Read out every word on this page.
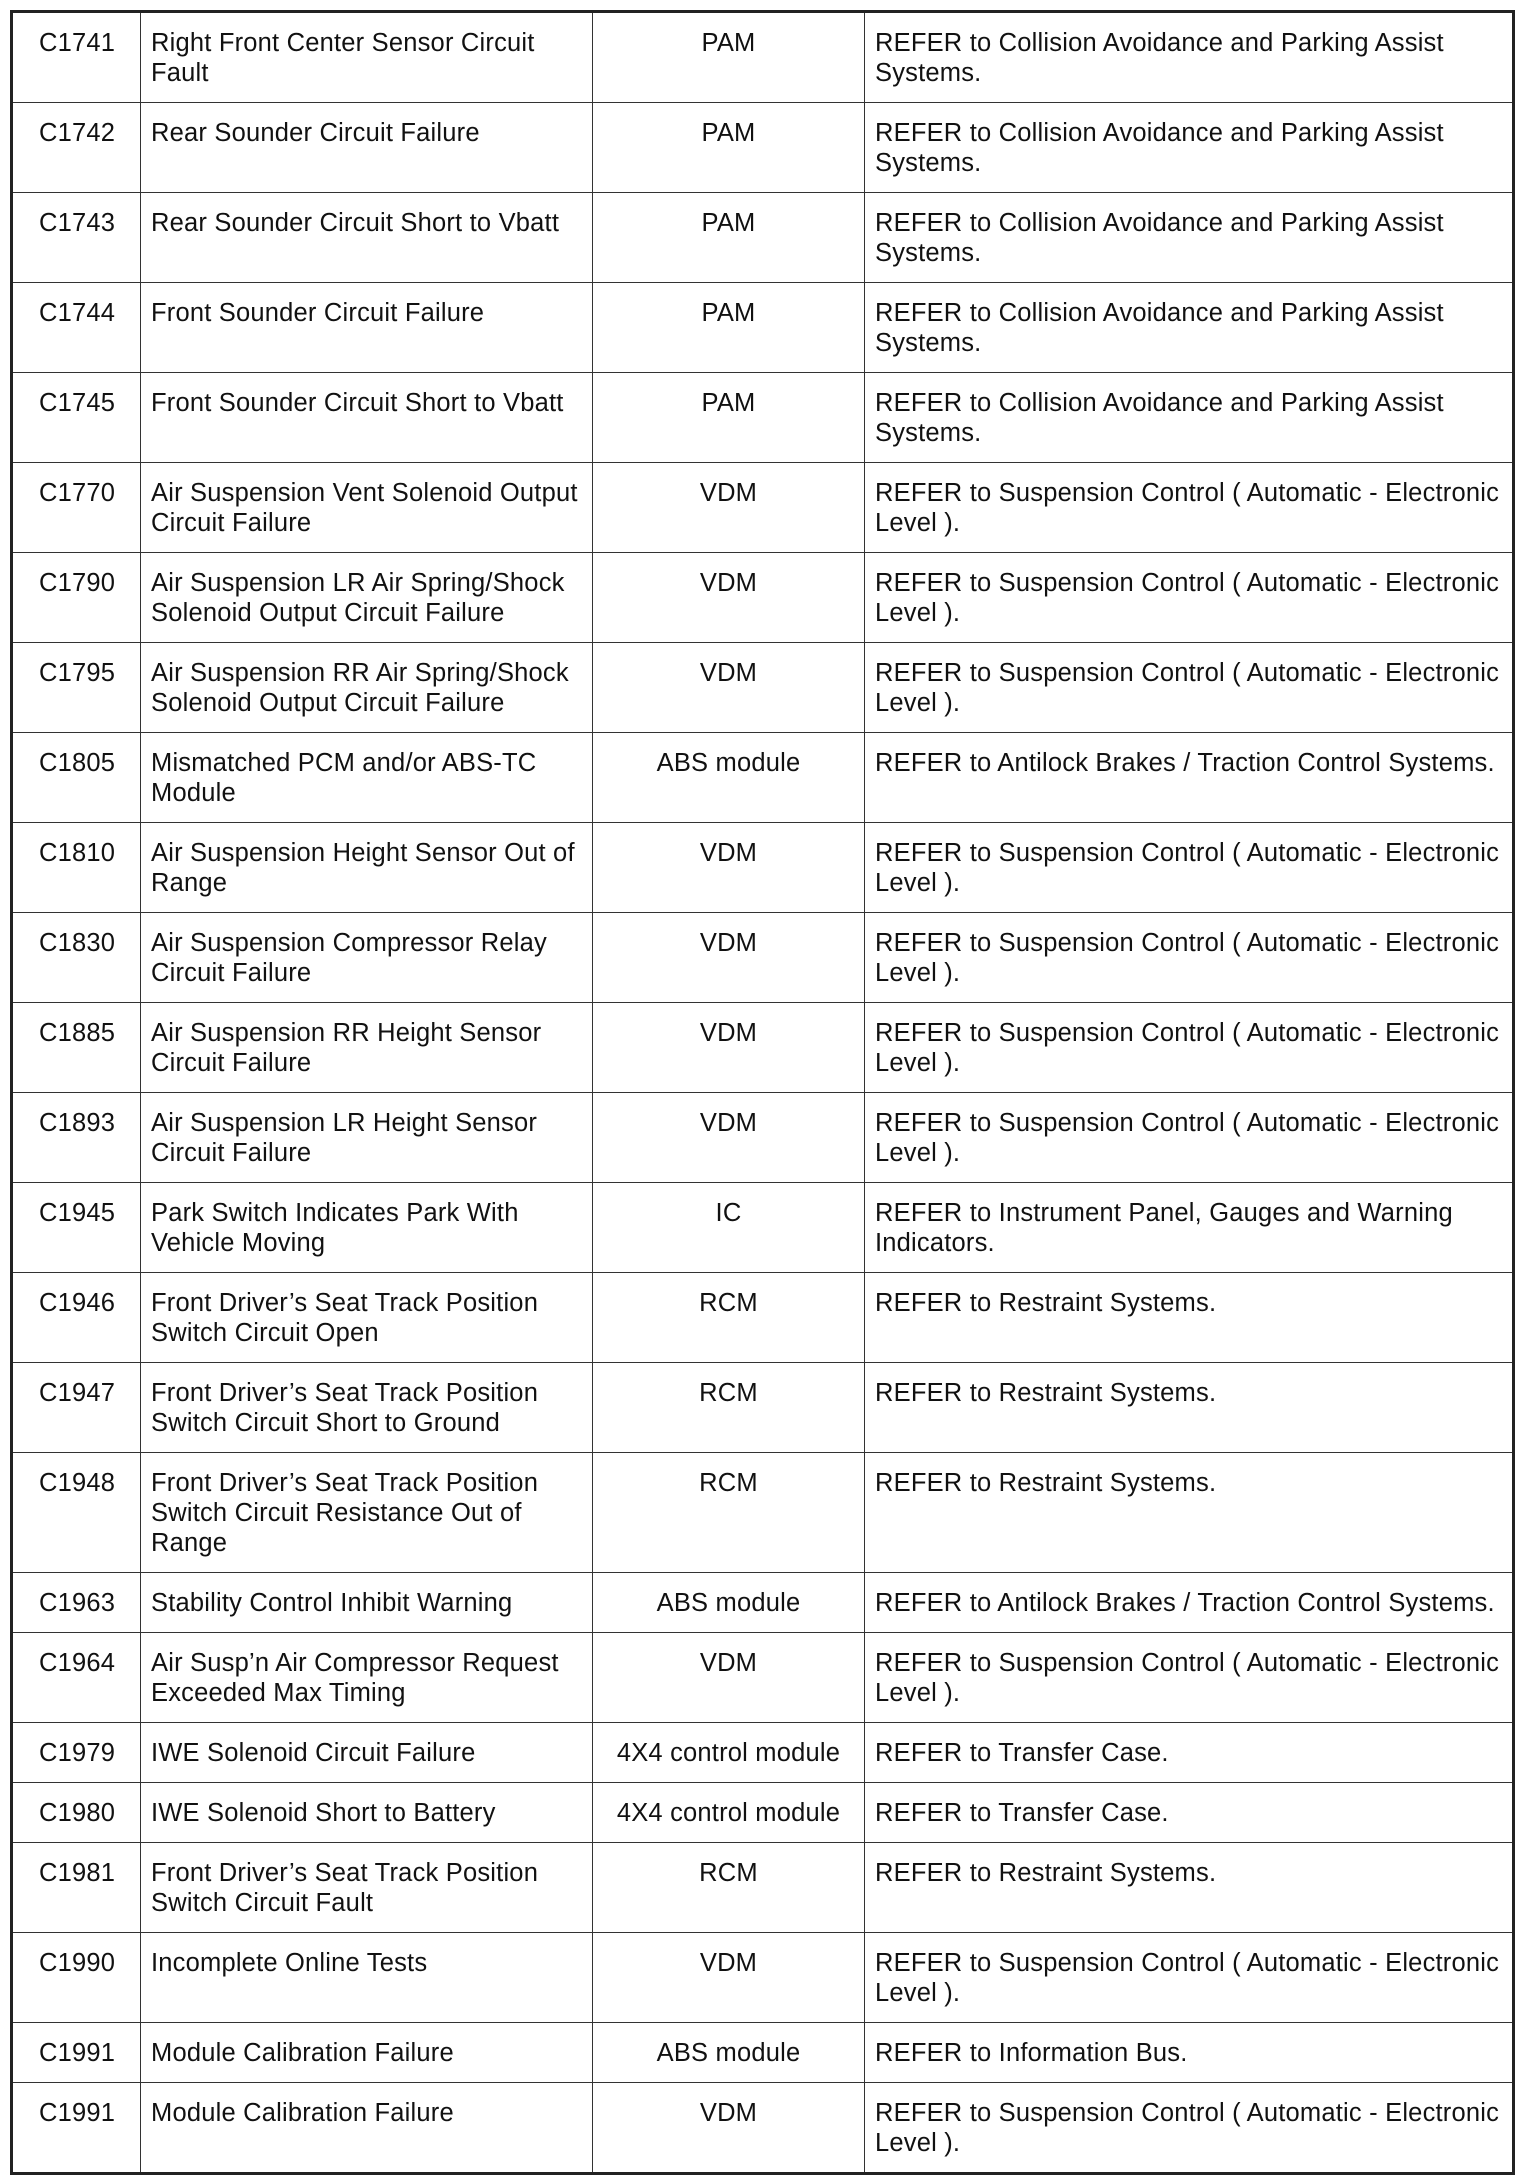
C1741	Right Front Center Sensor Circuit Fault	PAM	REFER to Collision Avoidance and Parking Assist Systems.
C1742	Rear Sounder Circuit Failure	PAM	REFER to Collision Avoidance and Parking Assist Systems.
C1743	Rear Sounder Circuit Short to Vbatt	PAM	REFER to Collision Avoidance and Parking Assist Systems.
C1744	Front Sounder Circuit Failure	PAM	REFER to Collision Avoidance and Parking Assist Systems.
C1745	Front Sounder Circuit Short to Vbatt	PAM	REFER to Collision Avoidance and Parking Assist Systems.
C1770	Air Suspension Vent Solenoid Output Circuit Failure	VDM	REFER to Suspension Control ( Automatic - Electronic Level ).
C1790	Air Suspension LR Air Spring/Shock Solenoid Output Circuit Failure	VDM	REFER to Suspension Control ( Automatic - Electronic Level ).
C1795	Air Suspension RR Air Spring/Shock Solenoid Output Circuit Failure	VDM	REFER to Suspension Control ( Automatic - Electronic Level ).
C1805	Mismatched PCM and/or ABS-TC Module	ABS module	REFER to Antilock Brakes / Traction Control Systems.
C1810	Air Suspension Height Sensor Out of Range	VDM	REFER to Suspension Control ( Automatic - Electronic Level ).
C1830	Air Suspension Compressor Relay Circuit Failure	VDM	REFER to Suspension Control ( Automatic - Electronic Level ).
C1885	Air Suspension RR Height Sensor Circuit Failure	VDM	REFER to Suspension Control ( Automatic - Electronic Level ).
C1893	Air Suspension LR Height Sensor Circuit Failure	VDM	REFER to Suspension Control ( Automatic - Electronic Level ).
C1945	Park Switch Indicates Park With Vehicle Moving	IC	REFER to Instrument Panel, Gauges and Warning Indicators.
C1946	Front Driver’s Seat Track Position Switch Circuit Open	RCM	REFER to Restraint Systems.
C1947	Front Driver’s Seat Track Position Switch Circuit Short to Ground	RCM	REFER to Restraint Systems.
C1948	Front Driver’s Seat Track Position Switch Circuit Resistance Out of Range	RCM	REFER to Restraint Systems.
C1963	Stability Control Inhibit Warning	ABS module	REFER to Antilock Brakes / Traction Control Systems.
C1964	Air Susp’n Air Compressor Request Exceeded Max Timing	VDM	REFER to Suspension Control ( Automatic - Electronic Level ).
C1979	IWE Solenoid Circuit Failure	4X4 control module	REFER to Transfer Case.
C1980	IWE Solenoid Short to Battery	4X4 control module	REFER to Transfer Case.
C1981	Front Driver’s Seat Track Position Switch Circuit Fault	RCM	REFER to Restraint Systems.
C1990	Incomplete Online Tests	VDM	REFER to Suspension Control ( Automatic - Electronic Level ).
C1991	Module Calibration Failure	ABS module	REFER to Information Bus.
C1991	Module Calibration Failure	VDM	REFER to Suspension Control ( Automatic - Electronic Level ).
